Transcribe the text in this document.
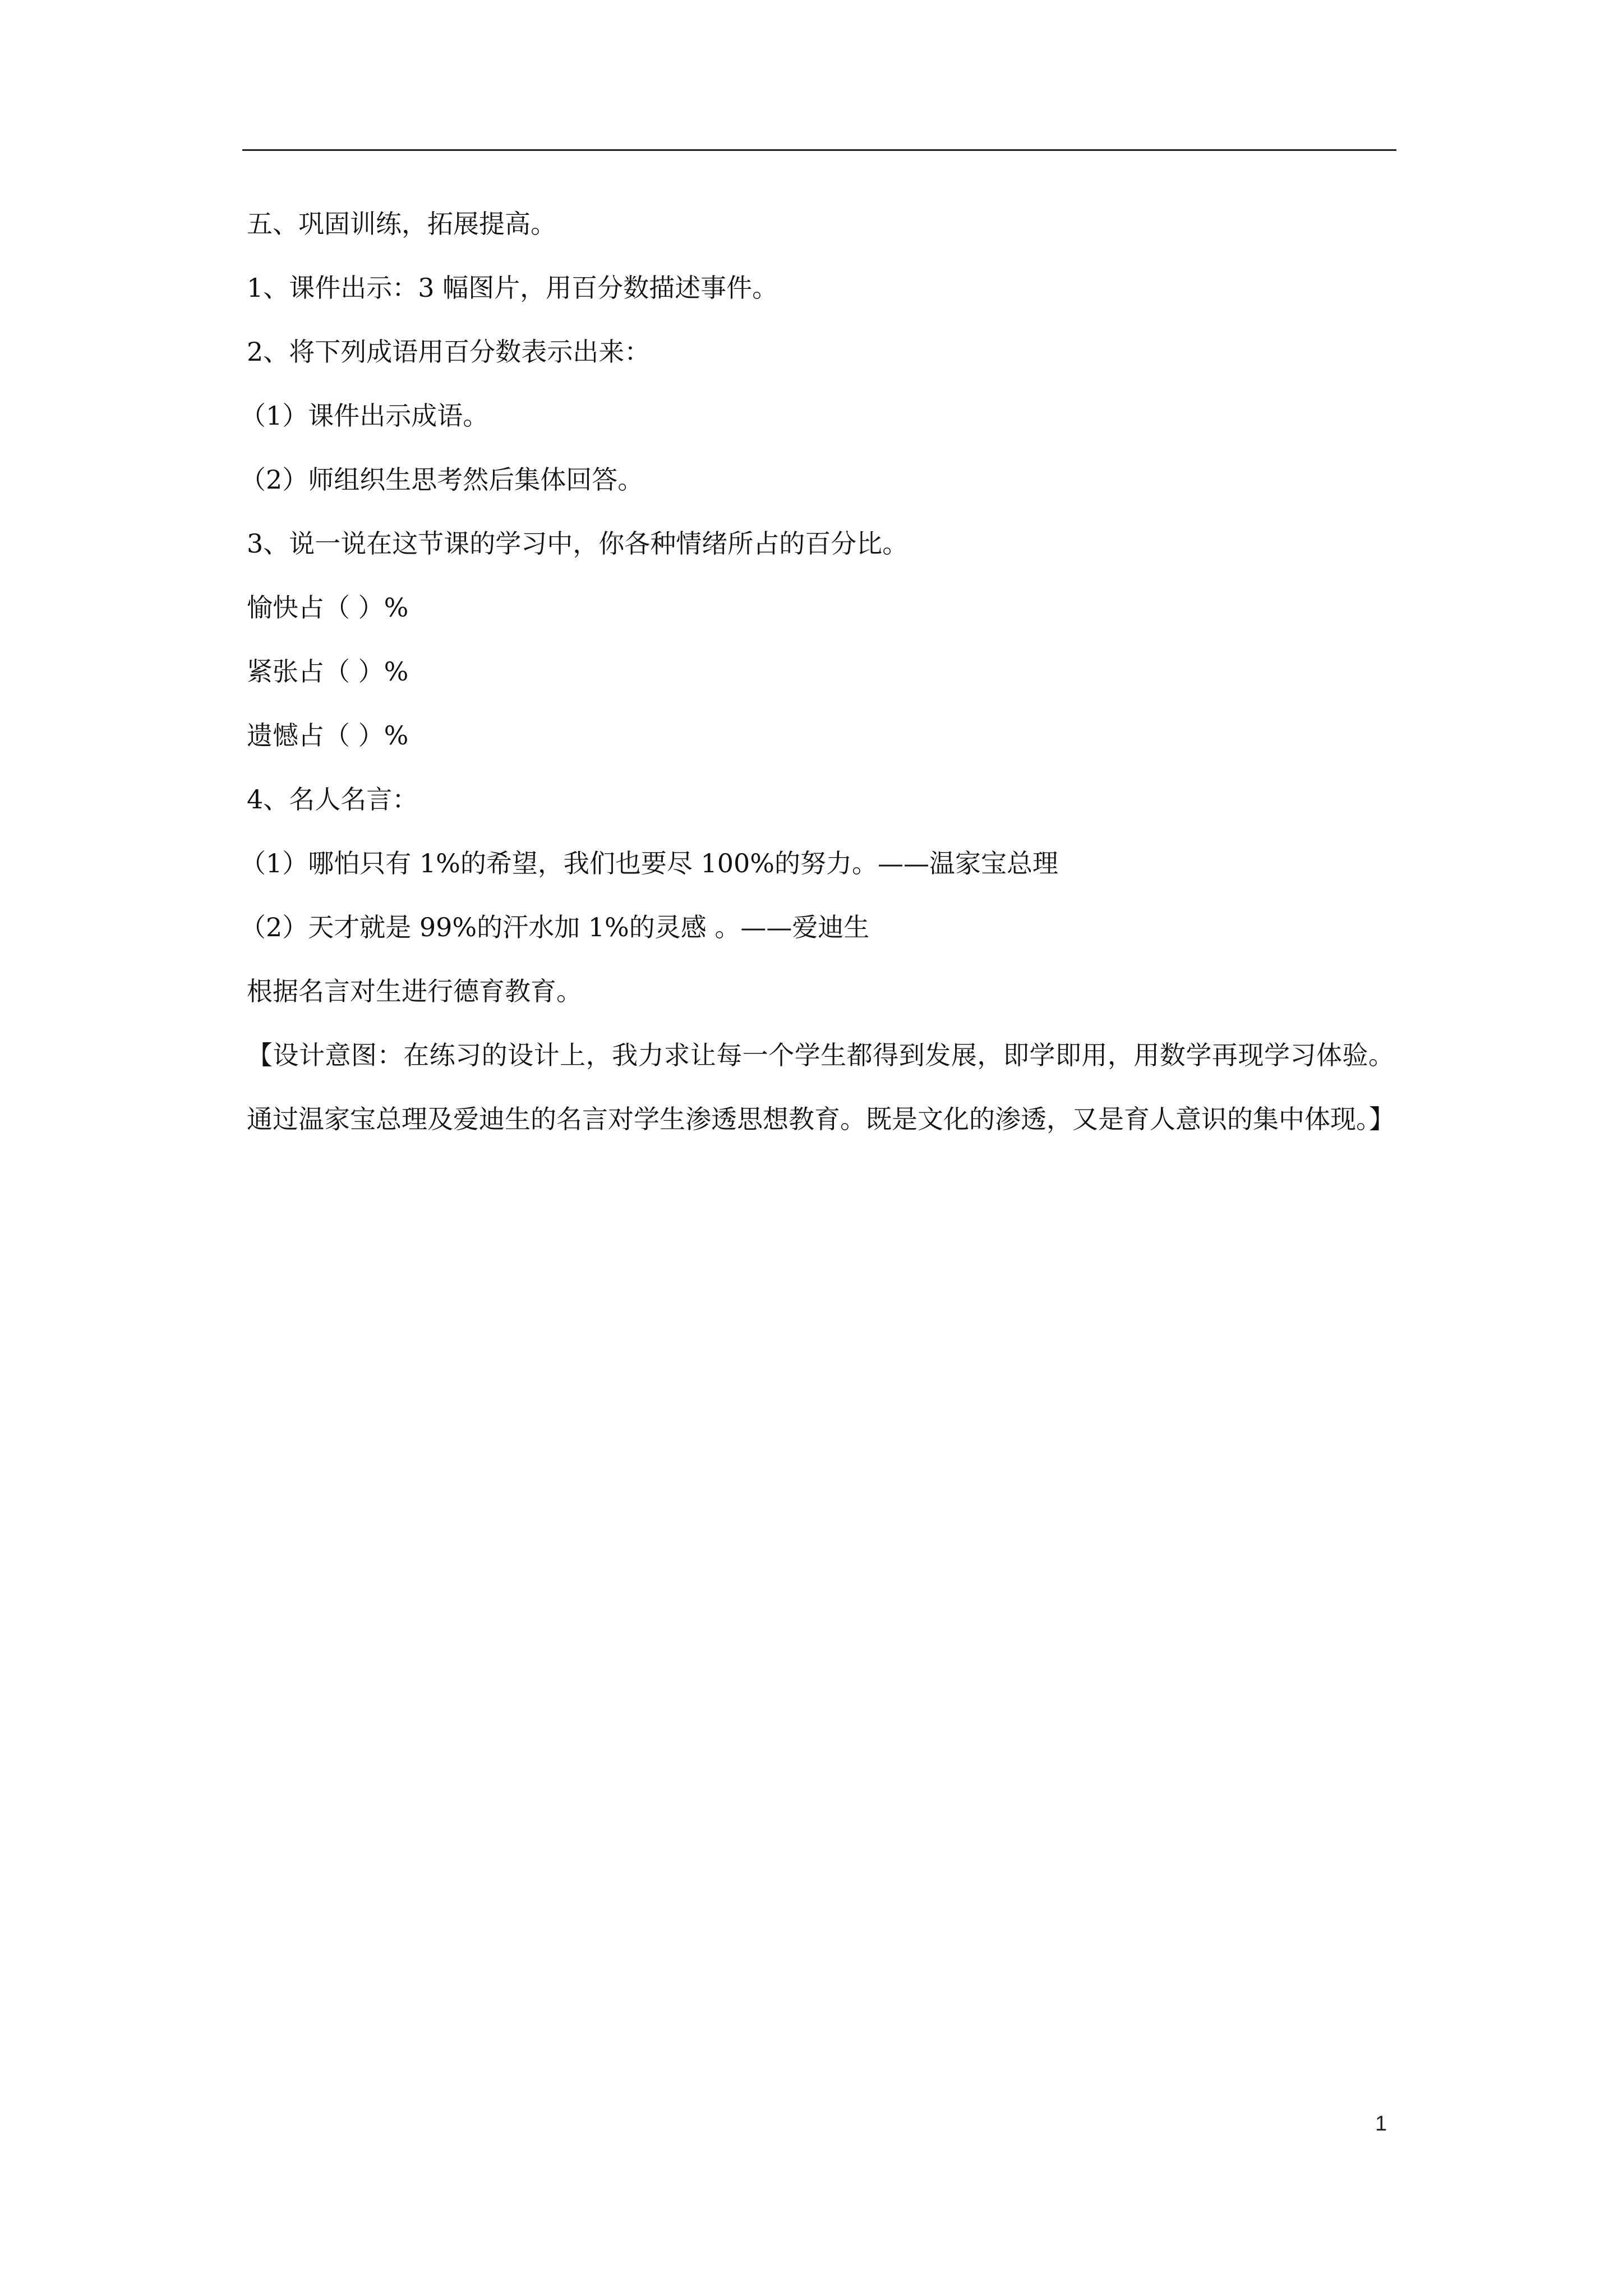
五、巩固训练，拓展提高。
1、课件出示：3 幅图片，用百分数描述事件。
2、将下列成语用百分数表示出来：
（1）课件出示成语。
（2）师组织生思考然后集体回答。
3、说一说在这节课的学习中，你各种情绪所占的百分比。
愉快占（ ）%
紧张占（ ）%
遗憾占（ ）%
4、名人名言：
（1）哪怕只有 1%的希望，我们也要尽 100%的努力。——温家宝总理
（2）天才就是 99%的汗水加 1%的灵感 。——爱迪生
根据名言对生进行德育教育。
【设计意图：在练习的设计上，我力求让每一个学生都得到发展，即学即用，用数学再现学习体验。通过温家宝总理及爱迪生的名言对学生渗透思想教育。既是文化的渗透，又是育人意识的集中体现。】
1
